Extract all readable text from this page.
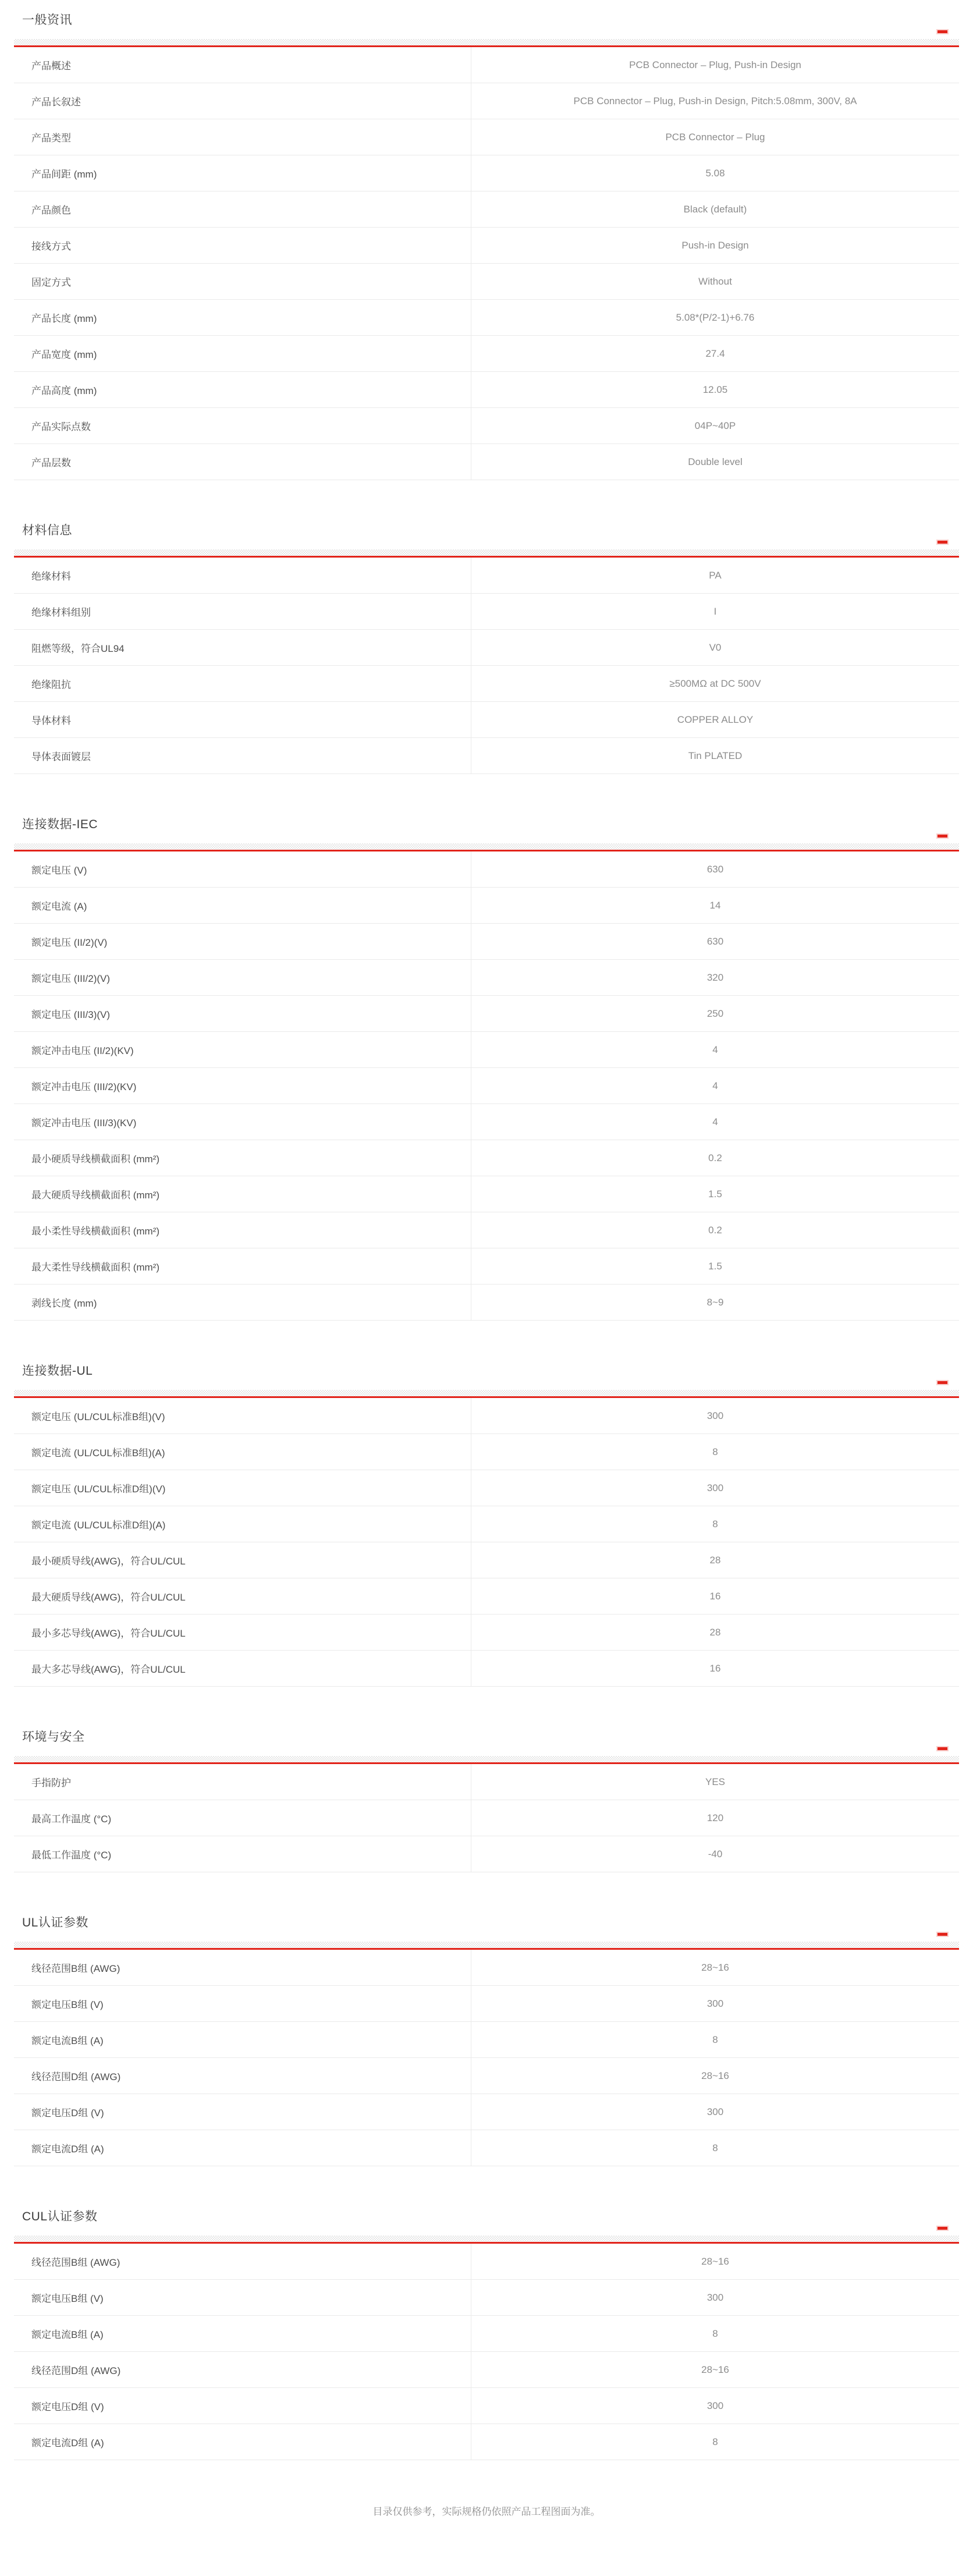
一般资讯
产品概述	PCB Connector – Plug, Push-in Design
产品长叙述	PCB Connector – Plug, Push-in Design, Pitch:5.08mm, 300V, 8A
产品类型	PCB Connector – Plug
产品间距 (mm)	5.08
产品颜色	Black (default)
接线方式	Push-in Design
固定方式	Without
产品长度 (mm)	5.08*(P/2-1)+6.76
产品宽度 (mm)	27.4
产品高度 (mm)	12.05
产品实际点数	04P~40P
产品层数	Double level
材料信息
绝缘材料	PA
绝缘材料组别	I
阻燃等级，符合UL94	V0
绝缘阻抗	≥500MΩ at DC 500V
导体材料	COPPER ALLOY
导体表面镀层	Tin PLATED
连接数据-IEC
额定电压 (V)	630
额定电流 (A)	14
额定电压 (II/2)(V)	630
额定电压 (III/2)(V)	320
额定电压 (III/3)(V)	250
额定冲击电压 (II/2)(KV)	4
额定冲击电压 (III/2)(KV)	4
额定冲击电压 (III/3)(KV)	4
最小硬质导线横截面积 (mm²)	0.2
最大硬质导线横截面积 (mm²)	1.5
最小柔性导线横截面积 (mm²)	0.2
最大柔性导线横截面积 (mm²)	1.5
剥线长度 (mm)	8~9
连接数据-UL
额定电压 (UL/CUL标准B组)(V)	300
额定电流 (UL/CUL标准B组)(A)	8
额定电压 (UL/CUL标准D组)(V)	300
额定电流 (UL/CUL标准D组)(A)	8
最小硬质导线(AWG)，符合UL/CUL	28
最大硬质导线(AWG)，符合UL/CUL	16
最小多芯导线(AWG)，符合UL/CUL	28
最大多芯导线(AWG)，符合UL/CUL	16
环境与安全
手指防护	YES
最高工作温度 (°C)	120
最低工作温度 (°C)	-40
UL认证参数
线径范围B组 (AWG)	28~16
额定电压B组 (V)	300
额定电流B组 (A)	8
线径范围D组 (AWG)	28~16
额定电压D组 (V)	300
额定电流D组 (A)	8
CUL认证参数
线径范围B组 (AWG)	28~16
额定电压B组 (V)	300
额定电流B组 (A)	8
线径范围D组 (AWG)	28~16
额定电压D组 (V)	300
额定电流D组 (A)	8
目录仅供参考，实际规格仍依照产品工程图面为准。
